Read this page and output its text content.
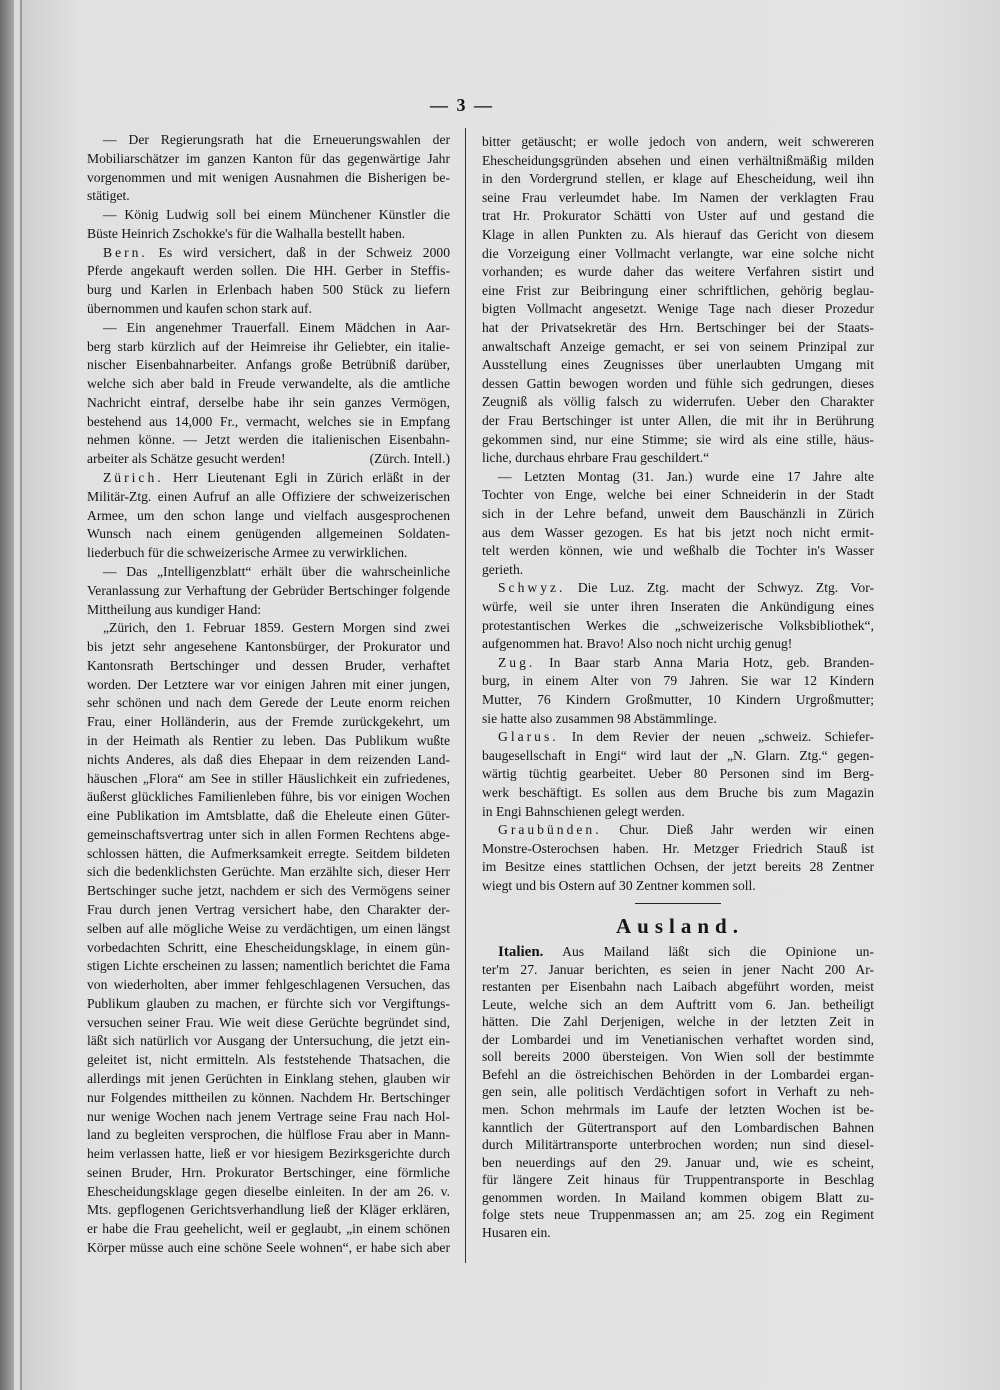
— 3 —
— Der Regierungsrath hat die Erneuerungswahlen der
Mobiliarschätzer im ganzen Kanton für das gegenwärtige Jahr
vorgenommen und mit wenigen Ausnahmen die Bisherigen be-
stätiget.
— König Ludwig soll bei einem Münchener Künstler die
Büste Heinrich Zschokke's für die Walhalla bestellt haben.
Bern. Es wird versichert, daß in der Schweiz 2000
Pferde angekauft werden sollen. Die HH. Gerber in Steffis-
burg und Karlen in Erlenbach haben 500 Stück zu liefern
übernommen und kaufen schon stark auf.
— Ein angenehmer Trauerfall. Einem Mädchen in Aar-
berg starb kürzlich auf der Heimreise ihr Geliebter, ein italie-
nischer Eisenbahnarbeiter. Anfangs große Betrübniß darüber,
welche sich aber bald in Freude verwandelte, als die amtliche
Nachricht eintraf, derselbe habe ihr sein ganzes Vermögen,
bestehend aus 14,000 Fr., vermacht, welches sie in Empfang
nehmen könne. — Jetzt werden die italienischen Eisenbahn-
arbeiter als Schätze gesucht werden!	(Zürch. Intell.)
Zürich. Herr Lieutenant Egli in Zürich erläßt in der
Militär-Ztg. einen Aufruf an alle Offiziere der schweizerischen
Armee, um den schon lange und vielfach ausgesprochenen
Wunsch nach einem genügenden allgemeinen Soldaten-
liederbuch für die schweizerische Armee zu verwirklichen.
— Das „Intelligenzblatt“ erhält über die wahrscheinliche
Veranlassung zur Verhaftung der Gebrüder Bertschinger folgende
Mittheilung aus kundiger Hand:
„Zürich, den 1. Februar 1859. Gestern Morgen sind zwei
bis jetzt sehr angesehene Kantonsbürger, der Prokurator und
Kantonsrath Bertschinger und dessen Bruder, verhaftet
worden. Der Letztere war vor einigen Jahren mit einer jungen,
sehr schönen und nach dem Gerede der Leute enorm reichen
Frau, einer Holländerin, aus der Fremde zurückgekehrt, um
in der Heimath als Rentier zu leben. Das Publikum wußte
nichts Anderes, als daß dies Ehepaar in dem reizenden Land-
häuschen „Flora“ am See in stiller Häuslichkeit ein zufriedenes,
äußerst glückliches Familienleben führe, bis vor einigen Wochen
eine Publikation im Amtsblatte, daß die Eheleute einen Güter-
gemeinschaftsvertrag unter sich in allen Formen Rechtens abge-
schlossen hätten, die Aufmerksamkeit erregte. Seitdem bildeten
sich die bedenklichsten Gerüchte. Man erzählte sich, dieser Herr
Bertschinger suche jetzt, nachdem er sich des Vermögens seiner
Frau durch jenen Vertrag versichert habe, den Charakter der-
selben auf alle mögliche Weise zu verdächtigen, um einen längst
vorbedachten Schritt, eine Ehescheidungsklage, in einem gün-
stigen Lichte erscheinen zu lassen; namentlich berichtet die Fama
von wiederholten, aber immer fehlgeschlagenen Versuchen, das
Publikum glauben zu machen, er fürchte sich vor Vergiftungs-
versuchen seiner Frau. Wie weit diese Gerüchte begründet sind,
läßt sich natürlich vor Ausgang der Untersuchung, die jetzt ein-
geleitet ist, nicht ermitteln. Als feststehende Thatsachen, die
allerdings mit jenen Gerüchten in Einklang stehen, glauben wir
nur Folgendes mittheilen zu können. Nachdem Hr. Bertschinger
nur wenige Wochen nach jenem Vertrage seine Frau nach Hol-
land zu begleiten versprochen, die hülflose Frau aber in Mann-
heim verlassen hatte, ließ er vor hiesigem Bezirksgerichte durch
seinen Bruder, Hrn. Prokurator Bertschinger, eine förmliche
Ehescheidungsklage gegen dieselbe einleiten. In der am 26. v.
Mts. gepflogenen Gerichtsverhandlung ließ der Kläger erklären,
er habe die Frau geehelicht, weil er geglaubt, „in einem schönen
Körper müsse auch eine schöne Seele wohnen“, er habe sich aber
bitter getäuscht; er wolle jedoch von andern, weit schwereren
Ehescheidungsgründen absehen und einen verhältnißmäßig milden
in den Vordergrund stellen, er klage auf Ehescheidung, weil ihn
seine Frau verleumdet habe. Im Namen der verklagten Frau
trat Hr. Prokurator Schätti von Uster auf und gestand die
Klage in allen Punkten zu. Als hierauf das Gericht von diesem
die Vorzeigung einer Vollmacht verlangte, war eine solche nicht
vorhanden; es wurde daher das weitere Verfahren sistirt und
eine Frist zur Beibringung einer schriftlichen, gehörig beglau-
bigten Vollmacht angesetzt. Wenige Tage nach dieser Prozedur
hat der Privatsekretär des Hrn. Bertschinger bei der Staats-
anwaltschaft Anzeige gemacht, er sei von seinem Prinzipal zur
Ausstellung eines Zeugnisses über unerlaubten Umgang mit
dessen Gattin bewogen worden und fühle sich gedrungen, dieses
Zeugniß als völlig falsch zu widerrufen. Ueber den Charakter
der Frau Bertschinger ist unter Allen, die mit ihr in Berührung
gekommen sind, nur eine Stimme; sie wird als eine stille, häus-
liche, durchaus ehrbare Frau geschildert.“
— Letzten Montag (31. Jan.) wurde eine 17 Jahre alte
Tochter von Enge, welche bei einer Schneiderin in der Stadt
sich in der Lehre befand, unweit dem Bauschänzli in Zürich
aus dem Wasser gezogen. Es hat bis jetzt noch nicht ermit-
telt werden können, wie und weßhalb die Tochter in's Wasser
gerieth.
Schwyz. Die Luz. Ztg. macht der Schwyz. Ztg. Vor-
würfe, weil sie unter ihren Inseraten die Ankündigung eines
protestantischen Werkes die „schweizerische Volksbibliothek“,
aufgenommen hat. Bravo! Also noch nicht urchig genug!
Zug. In Baar starb Anna Maria Hotz, geb. Branden-
burg, in einem Alter von 79 Jahren. Sie war 12 Kindern
Mutter, 76 Kindern Großmutter, 10 Kindern Urgroßmutter;
sie hatte also zusammen 98 Abstämmlinge.
Glarus. In dem Revier der neuen „schweiz. Schiefer-
baugesellschaft in Engi“ wird laut der „N. Glarn. Ztg.“ gegen-
wärtig tüchtig gearbeitet. Ueber 80 Personen sind im Berg-
werk beschäftigt. Es sollen aus dem Bruche bis zum Magazin
in Engi Bahnschienen gelegt werden.
Graubünden. Chur. Dieß Jahr werden wir einen
Monstre-Osterochsen haben. Hr. Metzger Friedrich Stauß ist
im Besitze eines stattlichen Ochsen, der jetzt bereits 28 Zentner
wiegt und bis Ostern auf 30 Zentner kommen soll.
Ausland.
Italien. Aus Mailand läßt sich die Opinione un-
ter'm 27. Januar berichten, es seien in jener Nacht 200 Ar-
restanten per Eisenbahn nach Laibach abgeführt worden, meist
Leute, welche sich an dem Auftritt vom 6. Jan. betheiligt
hätten. Die Zahl Derjenigen, welche in der letzten Zeit in
der Lombardei und im Venetianischen verhaftet worden sind,
soll bereits 2000 übersteigen. Von Wien soll der bestimmte
Befehl an die östreichischen Behörden in der Lombardei ergan-
gen sein, alle politisch Verdächtigen sofort in Verhaft zu neh-
men. Schon mehrmals im Laufe der letzten Wochen ist be-
kanntlich der Gütertransport auf den Lombardischen Bahnen
durch Militärtransporte unterbrochen worden; nun sind diesel-
ben neuerdings auf den 29. Januar und, wie es scheint,
für längere Zeit hinaus für Truppentransporte in Beschlag
genommen worden. In Mailand kommen obigem Blatt zu-
folge stets neue Truppenmassen an; am 25. zog ein Regiment
Husaren ein.
